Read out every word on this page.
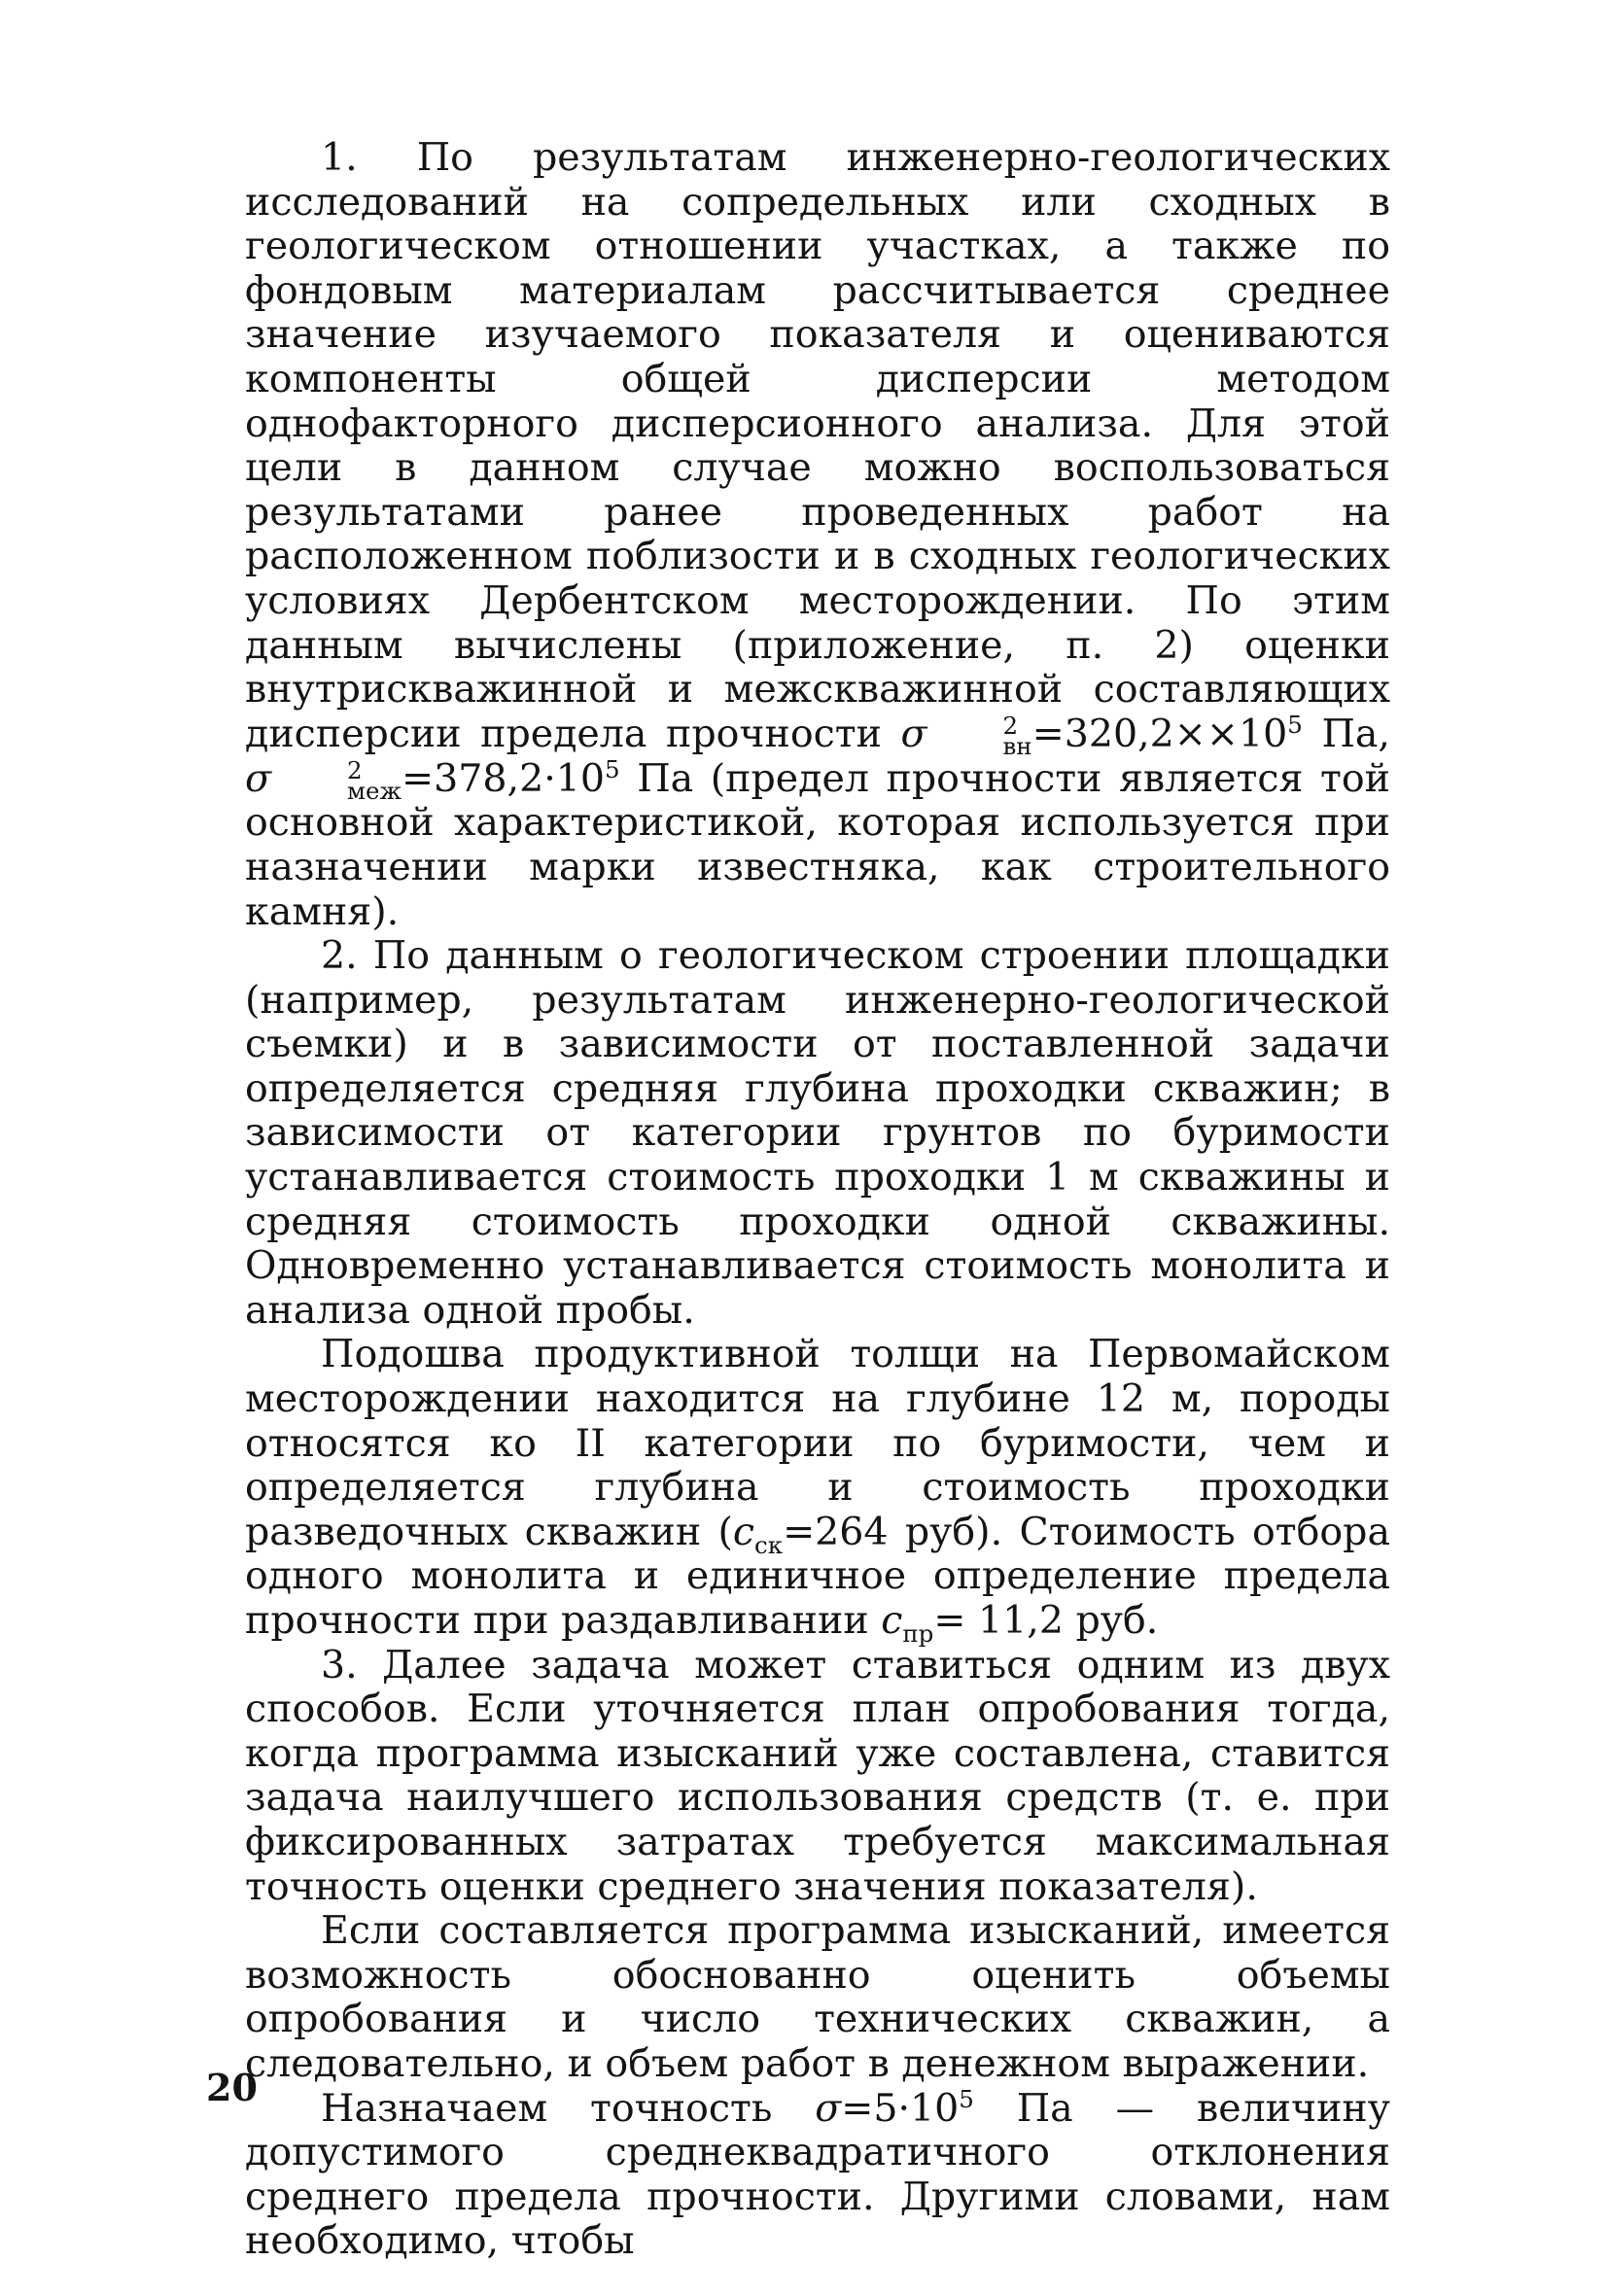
1. По результатам инженерно-геологических исследований на сопредельных или сходных в геологическом отношении участках, а также по фондовым материалам рассчитывается среднее значение изучаемого показателя и оцениваются компоненты общей дисперсии методом однофакторного дисперсионного анализа. Для этой цели в данном случае можно воспользоваться результатами ранее проведенных работ на расположенном поблизости и в сходных геологических условиях Дербентском месторождении. По этим данным вычислены (приложение, п. 2) оценки внутрискважинной и межскважинной составляющих дисперсии предела прочности σ	2
вн $=320,2\times\times 10^5$ Па, σ	2
меж $=378,2\cdot 10^5$ Па (предел прочности является той основной характеристикой, которая используется при назначении марки известняка, как строительного камня).

2. По данным о геологическом строении площадки (например, результатам инженерно-геологической съемки) и в зависимости от поставленной задачи определяется средняя глубина проходки скважин; в зависимости от категории грунтов по буримости устанавливается стоимость проходки 1 м скважины и средняя стоимость проходки одной скважины. Одновременно устанавливается стоимость монолита и анализа одной пробы.

Подошва продуктивной толщи на Первомайском месторождении находится на глубине 12 м, породы относятся ко II категории по буримости, чем и определяется глубина и стоимость проходки разведочных скважин ($c_{ск}=264$ руб). Стоимость отбора одного монолита и единичное определение предела прочности при раздавливании $c_{пр}= 11,2$ руб.

3. Далее задача может ставиться одним из двух способов. Если уточняется план опробования тогда, когда программа изысканий уже составлена, ставится задача наилучшего использования средств (т. е. при фиксированных затратах требуется максимальная точность оценки среднего значения показателя).

Если составляется программа изысканий, имеется возможность обоснованно оценить объемы опробования и число технических скважин, а следовательно, и объем работ в денежном выражении.

Назначаем точность $\sigma=5\cdot 10^5$ Па — величину допустимого среднеквадратичного отклонения среднего предела прочности. Другими словами, нам необходимо, чтобы

20
